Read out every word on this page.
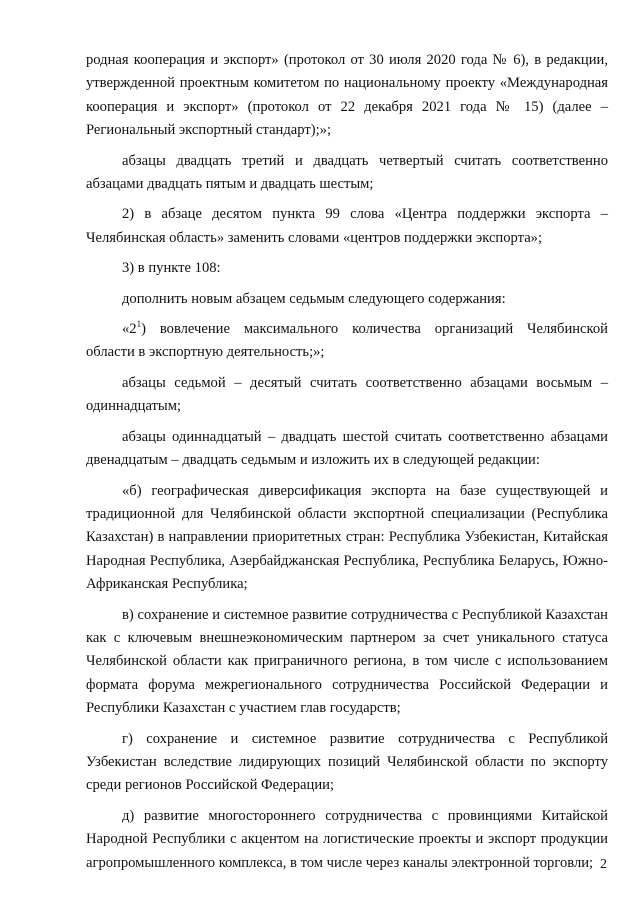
родная кооперация и экспорт» (протокол от 30 июля 2020 года № 6), в редакции, утвержденной проектным комитетом по национальному проекту «Международная кооперация и экспорт» (протокол от 22 декабря 2021 года № 15) (далее – Региональный экспортный стандарт);»;

абзацы двадцать третий и двадцать четвертый считать соответственно абзацами двадцать пятым и двадцать шестым;

2) в абзаце десятом пункта 99 слова «Центра поддержки экспорта – Челябинская область» заменить словами «центров поддержки экспорта»;

3) в пункте 108:

дополнить новым абзацем седьмым следующего содержания:

«$2^1$) вовлечение максимального количества организаций Челябинской области в экспортную деятельность;»;

абзацы седьмой – десятый считать соответственно абзацами восьмым – одиннадцатым;

абзацы одиннадцатый – двадцать шестой считать соответственно абзацами двенадцатым – двадцать седьмым и изложить их в следующей редакции:

«б) географическая диверсификация экспорта на базе существующей и традиционной для Челябинской области экспортной специализации (Республика Казахстан) в направлении приоритетных стран: Республика Узбекистан, Китайская Народная Республика, Азербайджанская Республика, Республика Беларусь, Южно-Африканская Республика;

в) сохранение и системное развитие сотрудничества с Республикой Казахстан как с ключевым внешнеэкономическим партнером за счет уникального статуса Челябинской области как приграничного региона, в том числе с использованием формата форума межрегионального сотрудничества Российской Федерации и Республики Казахстан с участием глав государств;

г) сохранение и системное развитие сотрудничества с Республикой Узбекистан вследствие лидирующих позиций Челябинской области по экспорту среди регионов Российской Федерации;

д) развитие многостороннего сотрудничества с провинциями Китайской Народной Республики с акцентом на логистические проекты и экспорт продукции агропромышленного комплекса, в том числе через каналы электронной торговли; 2
